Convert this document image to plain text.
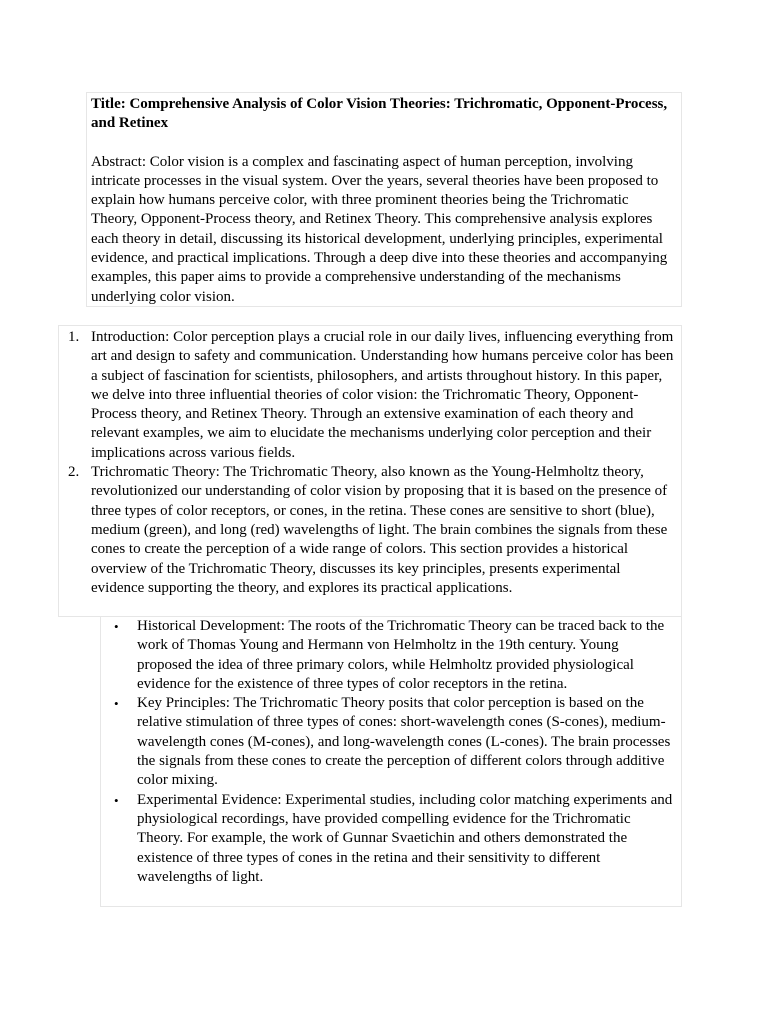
Title: Comprehensive Analysis of Color Vision Theories: Trichromatic, Opponent-Process, and Retinex

Abstract: Color vision is a complex and fascinating aspect of human perception, involving intricate processes in the visual system. Over the years, several theories have been proposed to explain how humans perceive color, with three prominent theories being the Trichromatic Theory, Opponent-Process theory, and Retinex Theory. This comprehensive analysis explores each theory in detail, discussing its historical development, underlying principles, experimental evidence, and practical implications. Through a deep dive into these theories and accompanying examples, this paper aims to provide a comprehensive understanding of the mechanisms underlying color vision.

1. Introduction: Color perception plays a crucial role in our daily lives, influencing everything from art and design to safety and communication. Understanding how humans perceive color has been a subject of fascination for scientists, philosophers, and artists throughout history. In this paper, we delve into three influential theories of color vision: the Trichromatic Theory, Opponent-Process theory, and Retinex Theory. Through an extensive examination of each theory and relevant examples, we aim to elucidate the mechanisms underlying color perception and their implications across various fields.
2. Trichromatic Theory: The Trichromatic Theory, also known as the Young-Helmholtz theory, revolutionized our understanding of color vision by proposing that it is based on the presence of three types of color receptors, or cones, in the retina. These cones are sensitive to short (blue), medium (green), and long (red) wavelengths of light. The brain combines the signals from these cones to create the perception of a wide range of colors. This section provides a historical overview of the Trichromatic Theory, discusses its key principles, presents experimental evidence supporting the theory, and explores its practical applications.
• Historical Development: The roots of the Trichromatic Theory can be traced back to the work of Thomas Young and Hermann von Helmholtz in the 19th century. Young proposed the idea of three primary colors, while Helmholtz provided physiological evidence for the existence of three types of color receptors in the retina.
• Key Principles: The Trichromatic Theory posits that color perception is based on the relative stimulation of three types of cones: short-wavelength cones (S-cones), medium-wavelength cones (M-cones), and long-wavelength cones (L-cones). The brain processes the signals from these cones to create the perception of different colors through additive color mixing.
• Experimental Evidence: Experimental studies, including color matching experiments and physiological recordings, have provided compelling evidence for the Trichromatic Theory. For example, the work of Gunnar Svaetichin and others demonstrated the existence of three types of cones in the retina and their sensitivity to different wavelengths of light.
